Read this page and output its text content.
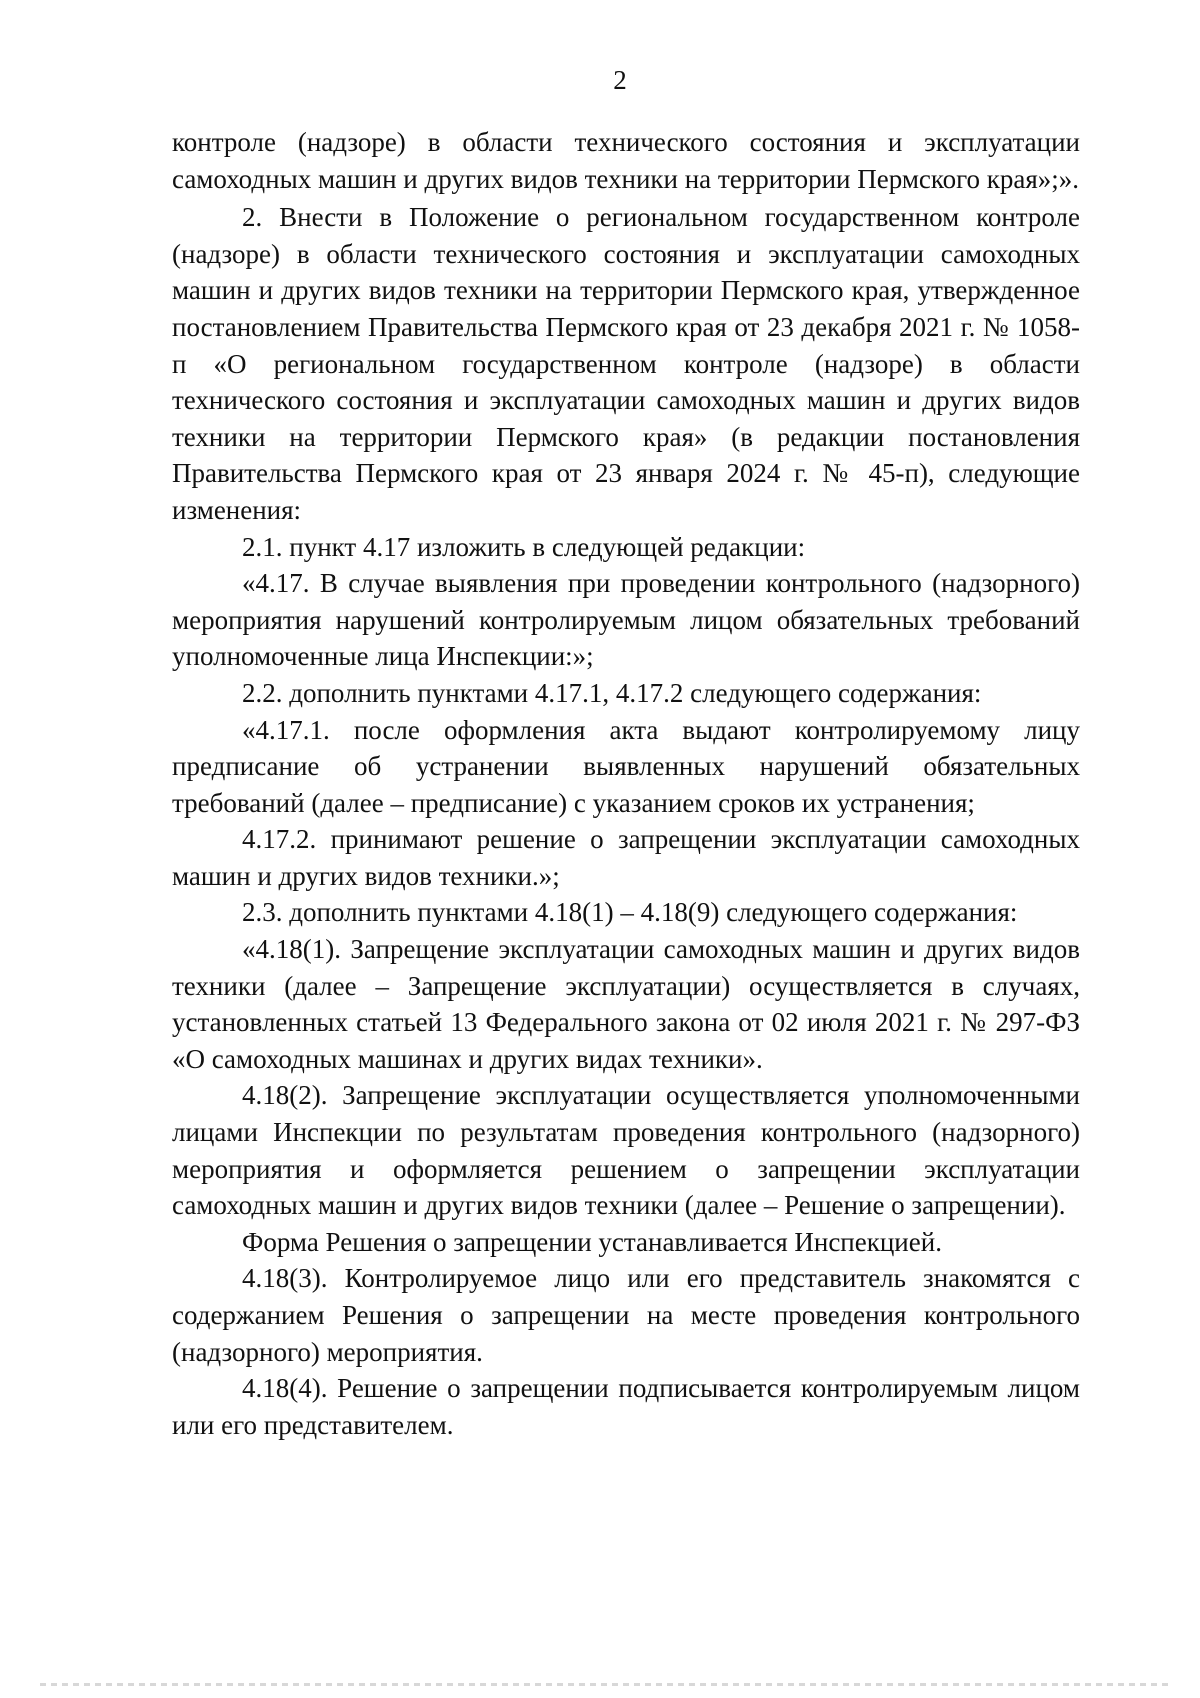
2

контроле (надзоре) в области технического состояния и эксплуатации самоходных машин и других видов техники на территории Пермского края»;».

2. Внести в Положение о региональном государственном контроле (надзоре) в области технического состояния и эксплуатации самоходных машин и других видов техники на территории Пермского края, утвержденное постановлением Правительства Пермского края от 23 декабря 2021 г. № 1058-п «О региональном государственном контроле (надзоре) в области технического состояния и эксплуатации самоходных машин и других видов техники на территории Пермского края» (в редакции постановления Правительства Пермского края от 23 января 2024 г. № 45-п), следующие изменения:

2.1. пункт 4.17 изложить в следующей редакции:

«4.17. В случае выявления при проведении контрольного (надзорного) мероприятия нарушений контролируемым лицом обязательных требований уполномоченные лица Инспекции:»;

2.2. дополнить пунктами 4.17.1, 4.17.2 следующего содержания:

«4.17.1. после оформления акта выдают контролируемому лицу предписание об устранении выявленных нарушений обязательных требований (далее – предписание) с указанием сроков их устранения;

4.17.2. принимают решение о запрещении эксплуатации самоходных машин и других видов техники.»;

2.3. дополнить пунктами 4.18(1) – 4.18(9) следующего содержания:

«4.18(1). Запрещение эксплуатации самоходных машин и других видов техники (далее – Запрещение эксплуатации) осуществляется в случаях, установленных статьей 13 Федерального закона от 02 июля 2021 г. № 297-ФЗ «О самоходных машинах и других видах техники».

4.18(2). Запрещение эксплуатации осуществляется уполномоченными лицами Инспекции по результатам проведения контрольного (надзорного) мероприятия и оформляется решением о запрещении эксплуатации самоходных машин и других видов техники (далее – Решение о запрещении).

Форма Решения о запрещении устанавливается Инспекцией.

4.18(3). Контролируемое лицо или его представитель знакомятся с содержанием Решения о запрещении на месте проведения контрольного (надзорного) мероприятия.

4.18(4). Решение о запрещении подписывается контролируемым лицом или его представителем.
